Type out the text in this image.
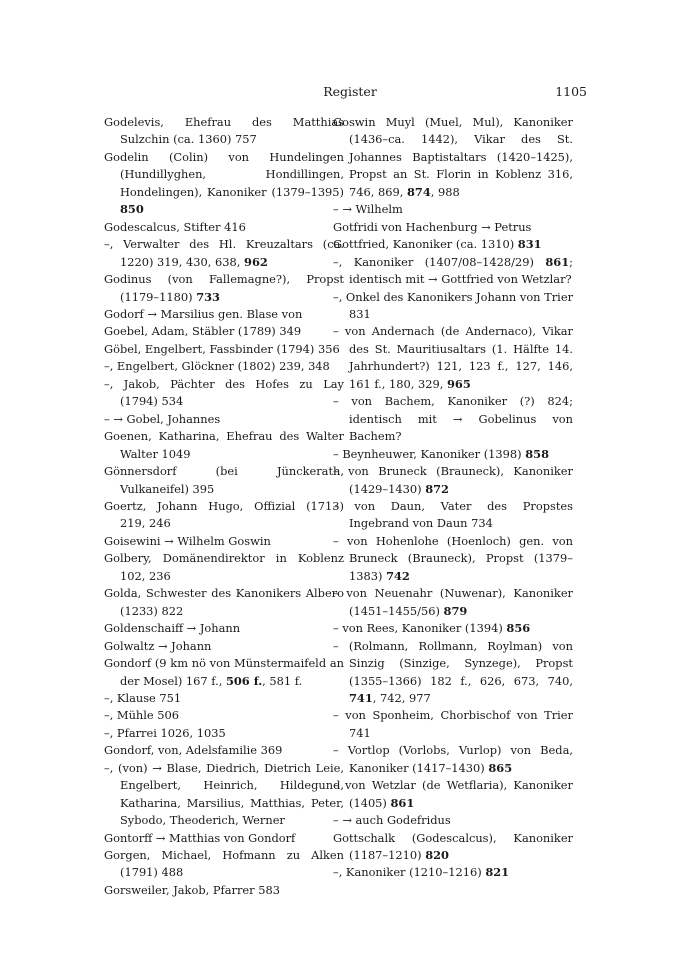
Register	1105

Godelevis, Ehefrau des Matthias Sulzchin (ca. 1360) 757

Godelin (Colin) von Hundelingen (Hundillyghen, Hondillingen, Hondelingen), Kanoniker (1379–1395) 850

Godescalcus, Stifter 416

–, Verwalter des Hl. Kreuzaltars (ca. 1220) 319, 430, 638, 962

Godinus (von Fallemagne?), Propst (1179–1180) 733

Godorf → Marsilius gen. Blase von

Goebel, Adam, Stäbler (1789) 349

Göbel, Engelbert, Fassbinder (1794) 356

–, Engelbert, Glöckner (1802) 239, 348

–, Jakob, Pächter des Hofes zu Lay (1794) 534

– → Gobel, Johannes

Goenen, Katharina, Ehefrau des Walter Walter 1049

Gönnersdorf (bei Jünckerath, Vulkaneifel) 395

Goertz, Johann Hugo, Offizial (1713) 219, 246

Goisewini → Wilhelm Goswin

Golbery, Domänendirektor in Koblenz 102, 236

Golda, Schwester des Kanonikers Albero (1233) 822

Goldenschaiff → Johann

Golwaltz → Johann

Gondorf (9 km nö von Münstermaifeld an der Mosel) 167 f., 506 f., 581 f.

–, Klause 751

–, Mühle 506

–, Pfarrei 1026, 1035

Gondorf, von, Adelsfamilie 369

–, (von) → Blase, Diedrich, Dietrich Leie, Engelbert, Heinrich, Hildegund, Katharina, Marsilius, Matthias, Peter, Sybodo, Theoderich, Werner

Gontorff → Matthias von Gondorf

Gorgen, Michael, Hofmann zu Alken (1791) 488

Gorsweiler, Jakob, Pfarrer 583

Goswin Muyl (Muel, Mul), Kanoniker (1436–ca. 1442), Vikar des St. Johannes Baptistaltars (1420–1425), Propst an St. Florin in Koblenz 316, 746, 869, 874, 988

– → Wilhelm

Gotfridi von Hachenburg → Petrus

Gottfried, Kanoniker (ca. 1310) 831

–, Kanoniker (1407/08–1428/29) 861; identisch mit → Gottfried von Wetzlar?

–, Onkel des Kanonikers Johann von Trier 831

– von Andernach (de Andernaco), Vikar des St. Mauritiusaltars (1. Hälfte 14. Jahrhundert?) 121, 123 f., 127, 146, 161 f., 180, 329, 965

– von Bachem, Kanoniker (?) 824; identisch mit → Gobelinus von Bachem?

– Beynheuwer, Kanoniker (1398) 858

– von Bruneck (Brauneck), Kanoniker (1429–1430) 872

– von Daun, Vater des Propstes Ingebrand von Daun 734

– von Hohenlohe (Hoenloch) gen. von Bruneck (Brauneck), Propst (1379–1383) 742

– von Neuenahr (Nuwenar), Kanoniker (1451–1455/56) 879

– von Rees, Kanoniker (1394) 856

– (Rolmann, Rollmann, Roylman) von Sinzig (Sinzige, Synzege), Propst (1355–1366) 182 f., 626, 673, 740, 741, 742, 977

– von Sponheim, Chorbischof von Trier 741

– Vortlop (Vorlobs, Vurlop) von Beda, Kanoniker (1417–1430) 865

– von Wetzlar (de Wetflaria), Kanoniker (1405) 861

– → auch Godefridus

Gottschalk (Godescalcus), Kanoniker (1187–1210) 820

–, Kanoniker (1210–1216) 821
